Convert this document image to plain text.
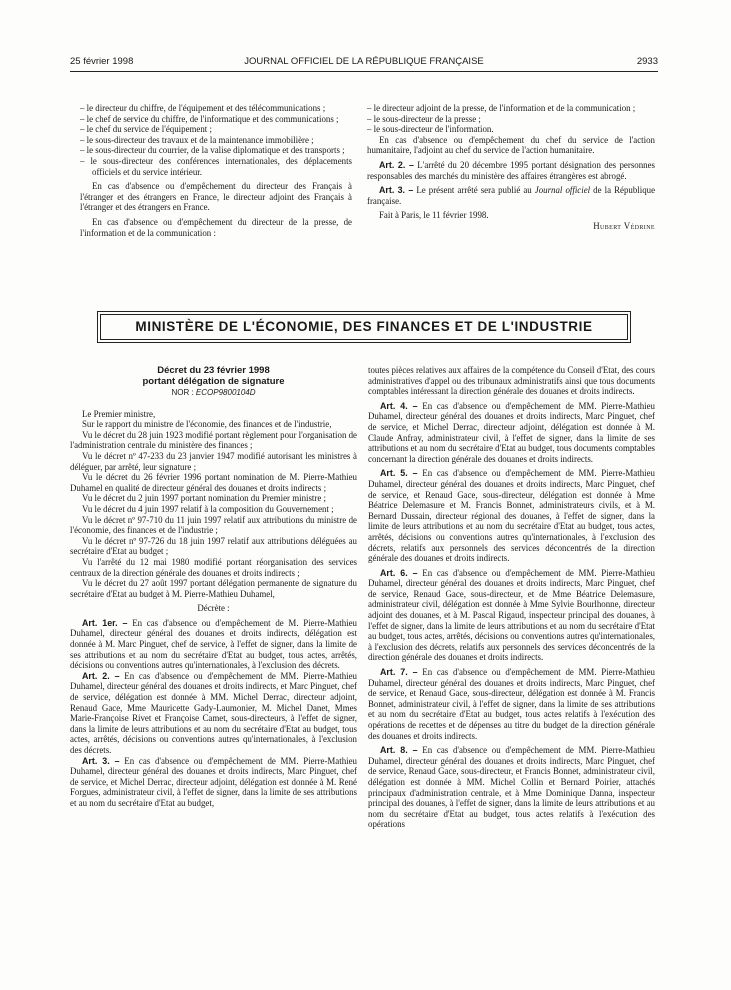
25 février 1998	JOURNAL OFFICIEL DE LA RÉPUBLIQUE FRANÇAISE	2933

– le directeur du chiffre, de l'équipement et des télécommunications ;

– le chef de service du chiffre, de l'informatique et des communications ;

– le chef du service de l'équipement ;

– le sous-directeur des travaux et de la maintenance immobilière ;

– le sous-directeur du courrier, de la valise diplomatique et des transports ;

– le sous-directeur des conférences internationales, des déplacements officiels et du service intérieur.

En cas d'absence ou d'empêchement du directeur des Français à l'étranger et des étrangers en France, le directeur adjoint des Français à l'étranger et des étrangers en France.

En cas d'absence ou d'empêchement du directeur de la presse, de l'information et de la communication :

– le directeur adjoint de la presse, de l'information et de la communication ;

– le sous-directeur de la presse ;

– le sous-directeur de l'information.

En cas d'absence ou d'empêchement du chef du service de l'action humanitaire, l'adjoint au chef du service de l'action humanitaire.

Art. 2. – L'arrêté du 20 décembre 1995 portant désignation des personnes responsables des marchés du ministère des affaires étrangères est abrogé.

Art. 3. – Le présent arrêté sera publié au Journal officiel de la République française.

Fait à Paris, le 11 février 1998.

Hubert Védrine

MINISTÈRE DE L'ÉCONOMIE, DES FINANCES ET DE L'INDUSTRIE
Décret du 23 février 1998
portant délégation de signature
NOR : ECOP9800104D

Le Premier ministre,

Sur le rapport du ministre de l'économie, des finances et de l'industrie,

Vu le décret du 28 juin 1923 modifié portant règlement pour l'organisation de l'administration centrale du ministère des finances ;

Vu le décret nº 47-233 du 23 janvier 1947 modifié autorisant les ministres à déléguer, par arrêté, leur signature ;

Vu le décret du 26 février 1996 portant nomination de M. Pierre-Mathieu Duhamel en qualité de directeur général des douanes et droits indirects ;

Vu le décret du 2 juin 1997 portant nomination du Premier ministre ;

Vu le décret du 4 juin 1997 relatif à la composition du Gouvernement ;

Vu le décret nº 97-710 du 11 juin 1997 relatif aux attributions du ministre de l'économie, des finances et de l'industrie ;

Vu le décret nº 97-726 du 18 juin 1997 relatif aux attributions déléguées au secrétaire d'Etat au budget ;

Vu l'arrêté du 12 mai 1980 modifié portant réorganisation des services centraux de la direction générale des douanes et droits indirects ;

Vu le décret du 27 août 1997 portant délégation permanente de signature du secrétaire d'Etat au budget à M. Pierre-Mathieu Duhamel,

Décrète :

Art. 1er. – En cas d'absence ou d'empêchement de M. Pierre-Mathieu Duhamel, directeur général des douanes et droits indirects, délégation est donnée à M. Marc Pinguet, chef de service, à l'effet de signer, dans la limite de ses attributions et au nom du secrétaire d'Etat au budget, tous actes, arrêtés, décisions ou conventions autres qu'internationales, à l'exclusion des décrets.

Art. 2. – En cas d'absence ou d'empêchement de MM. Pierre-Mathieu Duhamel, directeur général des douanes et droits indirects, et Marc Pinguet, chef de service, délégation est donnée à MM. Michel Derrac, directeur adjoint, Renaud Gace, Mme Mauricette Gady-Laumonier, M. Michel Danet, Mmes Marie-Françoise Rivet et Françoise Camet, sous-directeurs, à l'effet de signer, dans la limite de leurs attributions et au nom du secrétaire d'Etat au budget, tous actes, arrêtés, décisions ou conventions autres qu'internationales, à l'exclusion des décrets.

Art. 3. – En cas d'absence ou d'empêchement de MM. Pierre-Mathieu Duhamel, directeur général des douanes et droits indirects, Marc Pinguet, chef de service, et Michel Derrac, directeur adjoint, délégation est donnée à M. René Forgues, administrateur civil, à l'effet de signer, dans la limite de ses attributions et au nom du secrétaire d'Etat au budget,

toutes pièces relatives aux affaires de la compétence du Conseil d'Etat, des cours administratives d'appel ou des tribunaux administratifs ainsi que tous documents comptables intéressant la direction générale des douanes et droits indirects.

Art. 4. – En cas d'absence ou d'empêchement de MM. Pierre-Mathieu Duhamel, directeur général des douanes et droits indirects, Marc Pinguet, chef de service, et Michel Derrac, directeur adjoint, délégation est donnée à M. Claude Anfray, administrateur civil, à l'effet de signer, dans la limite de ses attributions et au nom du secrétaire d'Etat au budget, tous documents comptables concernant la direction générale des douanes et droits indirects.

Art. 5. – En cas d'absence ou d'empêchement de MM. Pierre-Mathieu Duhamel, directeur général des douanes et droits indirects, Marc Pinguet, chef de service, et Renaud Gace, sous-directeur, délégation est donnée à Mme Béatrice Delemasure et M. Francis Bonnet, administrateurs civils, et à M. Bernard Dussain, directeur régional des douanes, à l'effet de signer, dans la limite de leurs attributions et au nom du secrétaire d'Etat au budget, tous actes, arrêtés, décisions ou conventions autres qu'internationales, à l'exclusion des décrets, relatifs aux personnels des services déconcentrés de la direction générale des douanes et droits indirects.

Art. 6. – En cas d'absence ou d'empêchement de MM. Pierre-Mathieu Duhamel, directeur général des douanes et droits indirects, Marc Pinguet, chef de service, Renaud Gace, sous-directeur, et de Mme Béatrice Delemasure, administrateur civil, délégation est donnée à Mme Sylvie Bourlhonne, directeur adjoint des douanes, et à M. Pascal Rigaud, inspecteur principal des douanes, à l'effet de signer, dans la limite de leurs attributions et au nom du secrétaire d'Etat au budget, tous actes, arrêtés, décisions ou conventions autres qu'internationales, à l'exclusion des décrets, relatifs aux personnels des services déconcentrés de la direction générale des douanes et droits indirects.

Art. 7. – En cas d'absence ou d'empêchement de MM. Pierre-Mathieu Duhamel, directeur général des douanes et droits indirects, Marc Pinguet, chef de service, et Renaud Gace, sous-directeur, délégation est donnée à M. Francis Bonnet, administrateur civil, à l'effet de signer, dans la limite de ses attributions et au nom du secrétaire d'Etat au budget, tous actes relatifs à l'exécution des opérations de recettes et de dépenses au titre du budget de la direction générale des douanes et droits indirects.

Art. 8. – En cas d'absence ou d'empêchement de MM. Pierre-Mathieu Duhamel, directeur général des douanes et droits indirects, Marc Pinguet, chef de service, Renaud Gace, sous-directeur, et Francis Bonnet, administrateur civil, délégation est donnée à MM. Michel Collin et Bernard Poirier, attachés principaux d'administration centrale, et à Mme Dominique Danna, inspecteur principal des douanes, à l'effet de signer, dans la limite de leurs attributions et au nom du secrétaire d'Etat au budget, tous actes relatifs à l'exécution des opérations
